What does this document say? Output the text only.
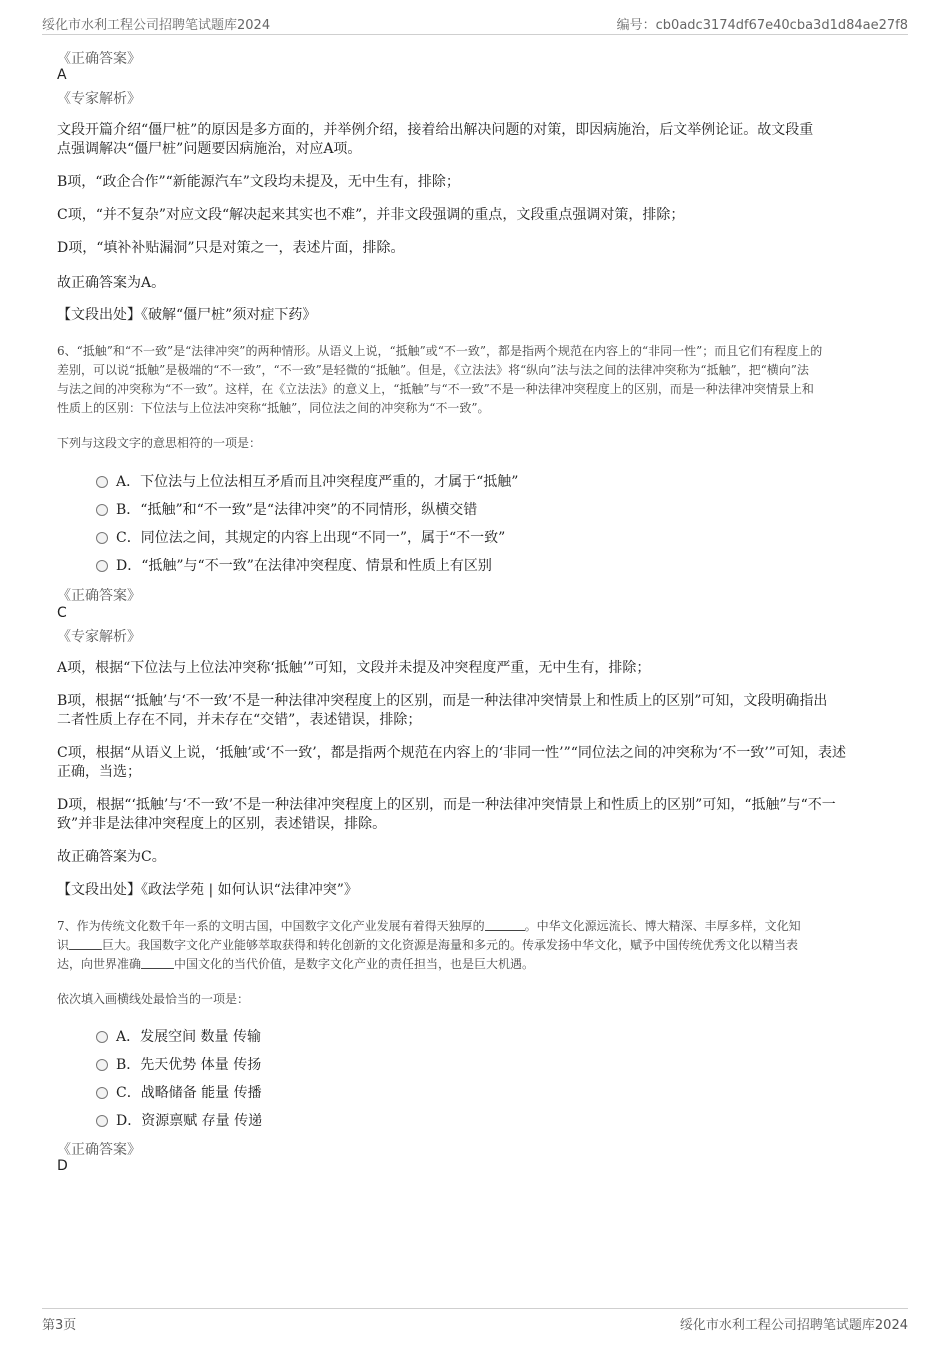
绥化市水利工程公司招聘笔试题库2024	编号：cb0adc3174df67e40cba3d1d84ae27f8
《正确答案》
A
《专家解析》
文段开篇介绍“僵尸桩”的原因是多方面的，并举例介绍，接着给出解决问题的对策，即因病施治，后文举例论证。故文段重
点强调解决“僵尸桩”问题要因病施治，对应A项。
B项，“政企合作”“新能源汽车”文段均未提及，无中生有，排除；
C项，“并不复杂”对应文段“解决起来其实也不难”，并非文段强调的重点，文段重点强调对策，排除；
D项，“填补补贴漏洞”只是对策之一，表述片面，排除。
故正确答案为A。
【文段出处】《破解“僵尸桩”须对症下药》
6、“抵触”和“不一致”是“法律冲突”的两种情形。从语义上说，“抵触”或“不一致”，都是指两个规范在内容上的“非同一性”；而且它们有程度上的
差别，可以说“抵触”是极端的“不一致”，“不一致”是轻微的“抵触”。但是，《立法法》将“纵向”法与法之间的法律冲突称为“抵触”，把“横向”法
与法之间的冲突称为“不一致”。这样，在《立法法》的意义上，“抵触”与“不一致”不是一种法律冲突程度上的区别，而是一种法律冲突情景上和
性质上的区别：下位法与上位法冲突称“抵触”，同位法之间的冲突称为“不一致”。
下列与这段文字的意思相符的一项是：
A．下位法与上位法相互矛盾而且冲突程度严重的，才属于“抵触”
B．“抵触”和“不一致”是“法律冲突”的不同情形，纵横交错
C．同位法之间，其规定的内容上出现“不同一”，属于“不一致”
D．“抵触”与“不一致”在法律冲突程度、情景和性质上有区别
《正确答案》
C
《专家解析》
A项，根据“下位法与上位法冲突称‘抵触’”可知，文段并未提及冲突程度严重，无中生有，排除；
B项，根据“‘抵触’与‘不一致’不是一种法律冲突程度上的区别，而是一种法律冲突情景上和性质上的区别”可知，文段明确指出
二者性质上存在不同，并未存在“交错”，表述错误，排除；
C项，根据“从语义上说，‘抵触’或‘不一致’，都是指两个规范在内容上的‘非同一性’”“同位法之间的冲突称为‘不一致’”可知，表述
正确，当选；
D项，根据“‘抵触’与‘不一致’不是一种法律冲突程度上的区别，而是一种法律冲突情景上和性质上的区别”可知，“抵触”与“不一
致”并非是法律冲突程度上的区别，表述错误，排除。
故正确答案为C。
【文段出处】《政法学苑 | 如何认识“法律冲突”》
7、作为传统文化数千年一系的文明古国，中国数字文化产业发展有着得天独厚的	。中华文化源远流长、博大精深、丰厚多样，文化知
识	巨大。我国数字文化产业能够萃取获得和转化创新的文化资源是海量和多元的。传承发扬中华文化，赋予中国传统优秀文化以精当表
达，向世界准确	中国文化的当代价值，是数字文化产业的责任担当，也是巨大机遇。
依次填入画横线处最恰当的一项是：
A．发展空间 数量 传输
B．先天优势 体量 传扬
C．战略储备 能量 传播
D．资源禀赋 存量 传递
《正确答案》
D
第3页	绥化市水利工程公司招聘笔试题库2024
